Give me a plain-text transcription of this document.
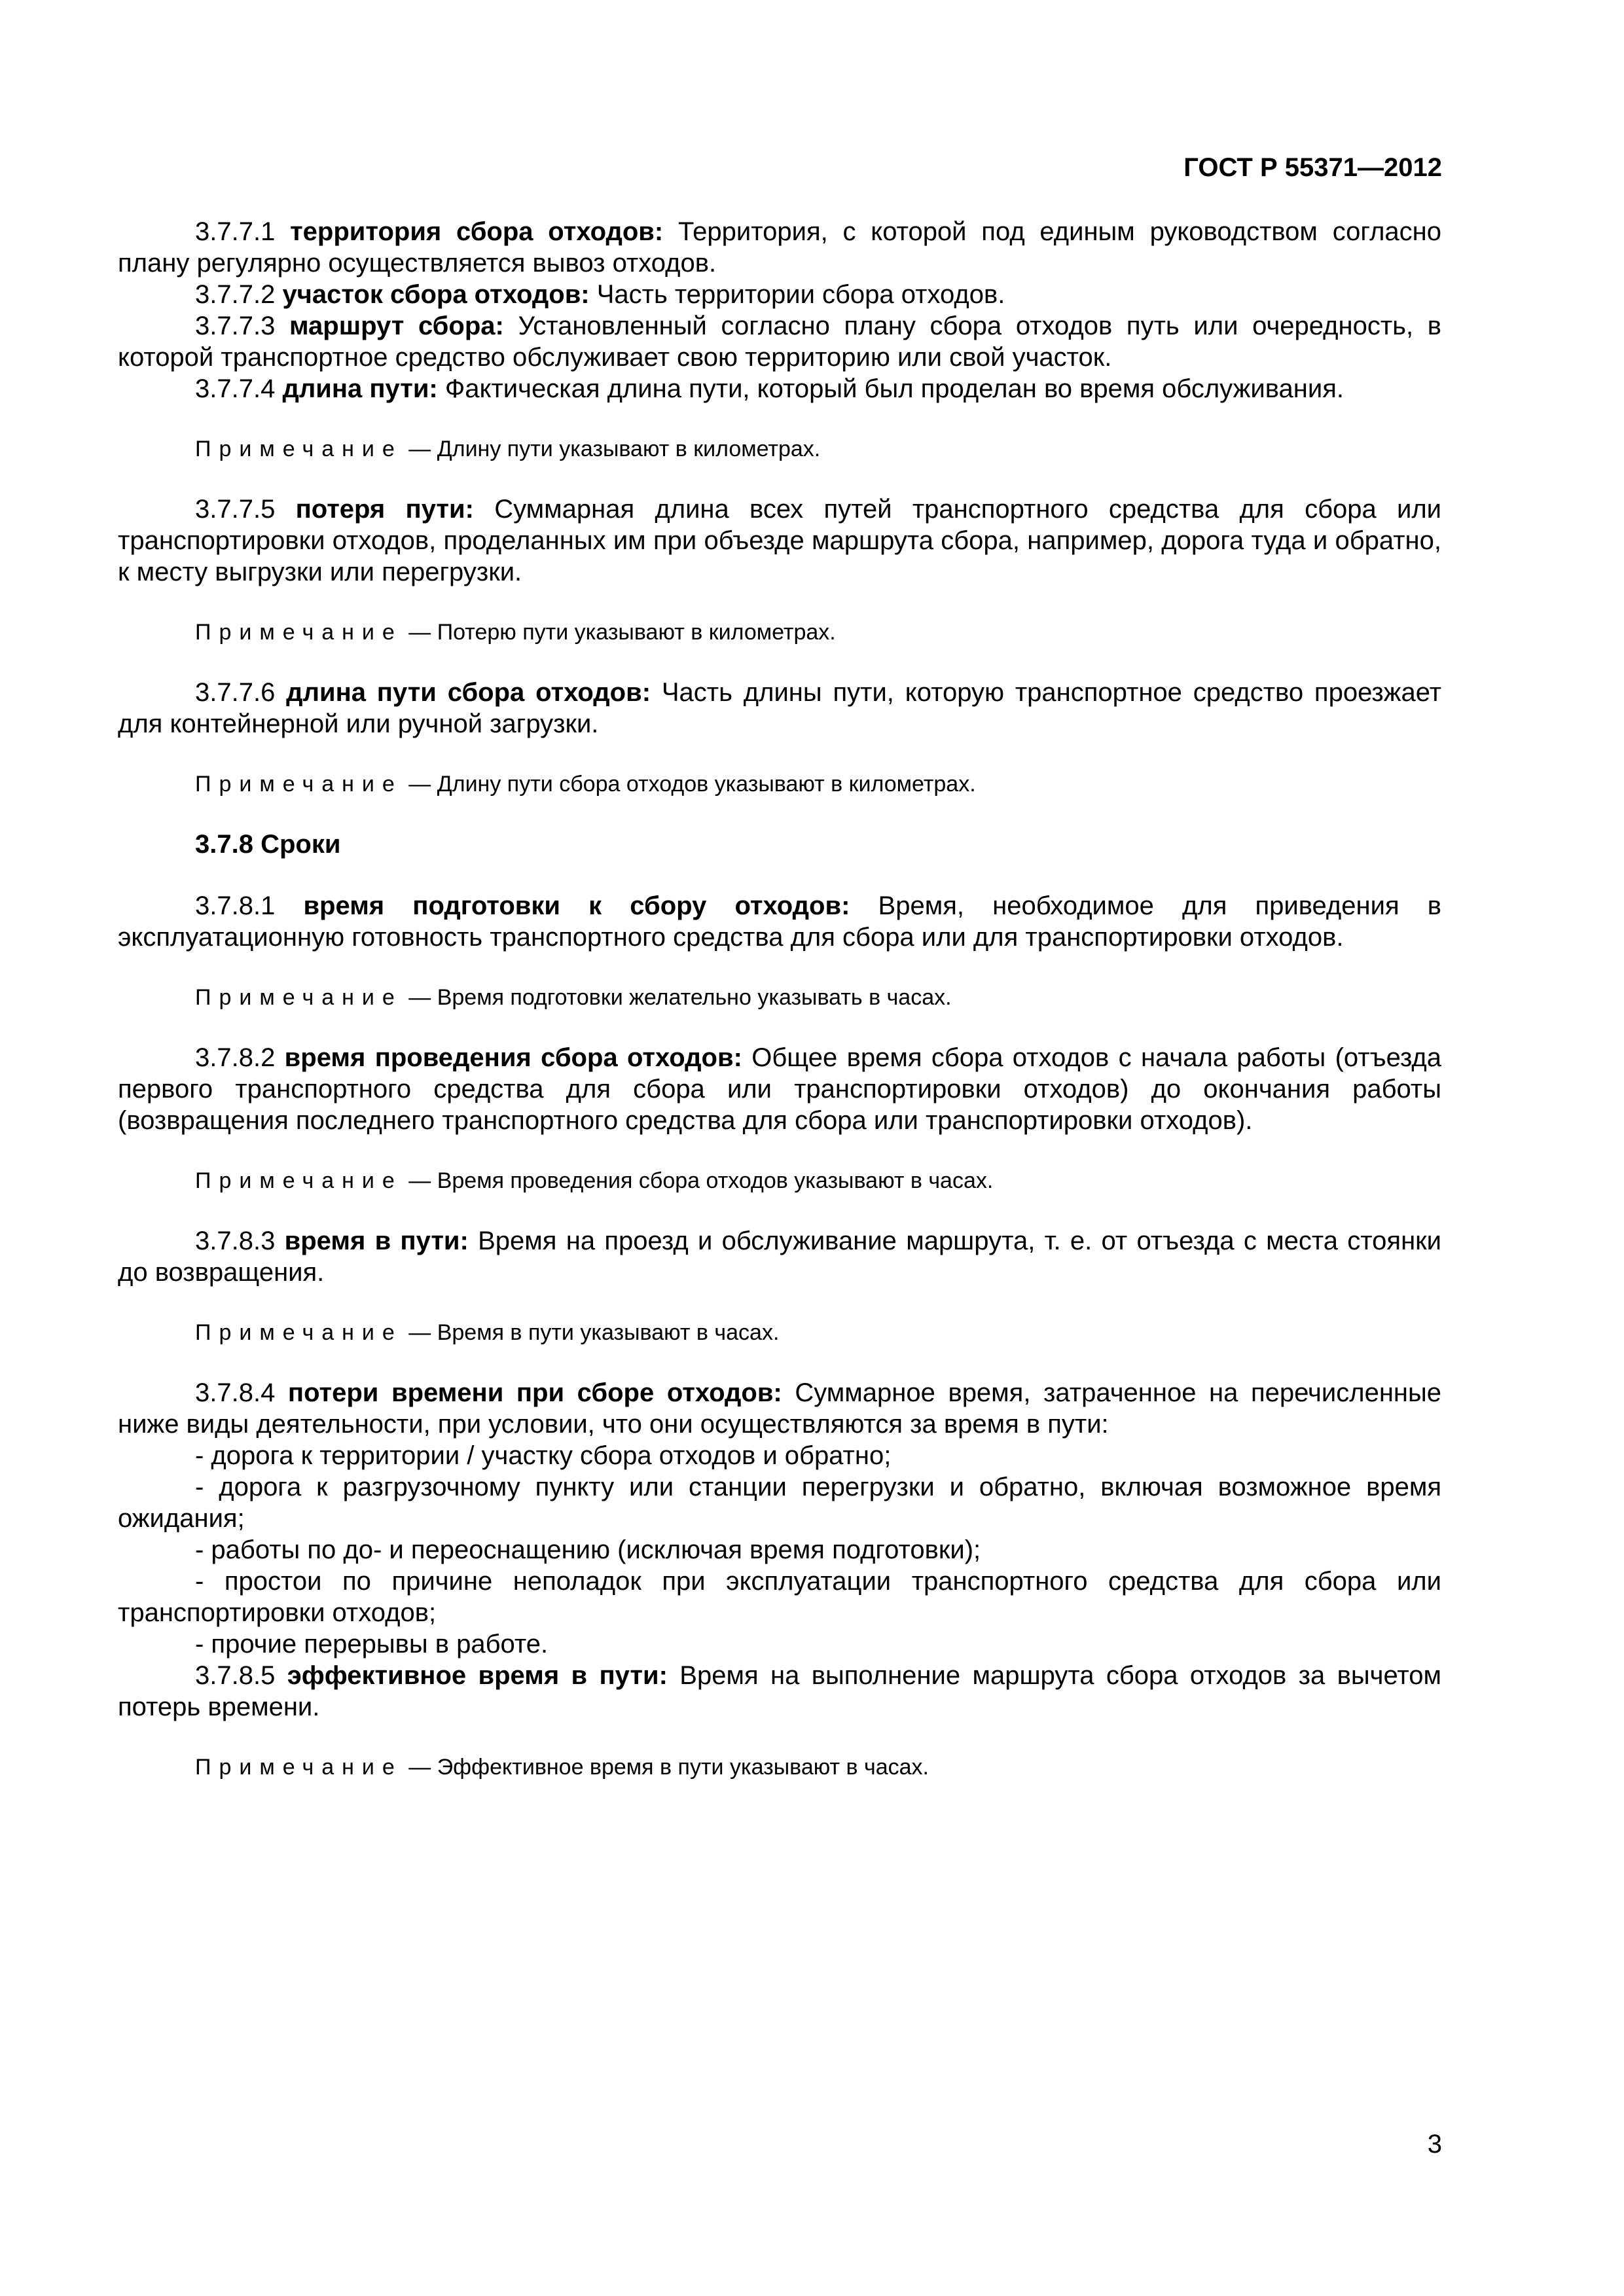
ГОСТ Р 55371—2012

3.7.7.1 территория сбора отходов: Территория, с которой под единым руководством согласно плану регулярно осуществляется вывоз отходов.

3.7.7.2 участок сбора отходов: Часть территории сбора отходов.

3.7.7.3 маршрут сбора: Установленный согласно плану сбора отходов путь или очередность, в которой транспортное средство обслуживает свою территорию или свой участок.

3.7.7.4 длина пути: Фактическая длина пути, который был проделан во время обслуживания.

Примечание — Длину пути указывают в километрах.

3.7.7.5 потеря пути: Суммарная длина всех путей транспортного средства для сбора или транспортировки отходов, проделанных им при объезде маршрута сбора, например, дорога туда и обратно, к месту выгрузки или перегрузки.

Примечание — Потерю пути указывают в километрах.

3.7.7.6 длина пути сбора отходов: Часть длины пути, которую транспортное средство проезжает для контейнерной или ручной загрузки.

Примечание — Длину пути сбора отходов указывают в километрах.

3.7.8 Сроки

3.7.8.1 время подготовки к сбору отходов: Время, необходимое для приведения в эксплуатационную готовность транспортного средства для сбора или для транспортировки отходов.

Примечание — Время подготовки желательно указывать в часах.

3.7.8.2 время проведения сбора отходов: Общее время сбора отходов с начала работы (отъезда первого транспортного средства для сбора или транспортировки отходов) до окончания работы (возвращения последнего транспортного средства для сбора или транспортировки отходов).

Примечание — Время проведения сбора отходов указывают в часах.

3.7.8.3 время в пути: Время на проезд и обслуживание маршрута, т. е. от отъезда с места стоянки до возвращения.

Примечание — Время в пути указывают в часах.

3.7.8.4 потери времени при сборе отходов: Суммарное время, затраченное на перечисленные ниже виды деятельности, при условии, что они осуществляются за время в пути:

- дорога к территории / участку сбора отходов и обратно;

- дорога к разгрузочному пункту или станции перегрузки и обратно, включая возможное время ожидания;

- работы по до- и переоснащению (исключая время подготовки);

- простои по причине неполадок при эксплуатации транспортного средства для сбора или транспортировки отходов;

- прочие перерывы в работе.

3.7.8.5 эффективное время в пути: Время на выполнение маршрута сбора отходов за вычетом потерь времени.

Примечание — Эффективное время в пути указывают в часах.

3
